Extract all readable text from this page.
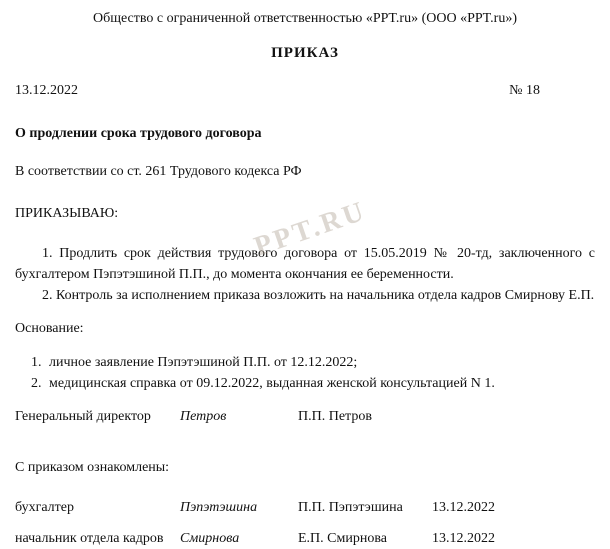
Общество с ограниченной ответственностью «PPT.ru» (ООО «PPT.ru»)
ПРИКАЗ
13.12.2022	№ 18
О продлении срока трудового договора
В соответствии со ст. 261 Трудового кодекса РФ
ПРИКАЗЫВАЮ:

1. Продлить срок действия трудового договора от 15.05.2019 № 20-тд, заключенного с бухгалтером Пэпэтэшиной П.П., до момента окончания ее беременности.

2. Контроль за исполнением приказа возложить на начальника отдела кадров Смирнову Е.П.

Основание:
1. личное заявление Пэпэтэшиной П.П. от 12.12.2022;
2. медицинская справка от 09.12.2022, выданная женской консультацией N 1.
Генеральный директор	Петров	П.П. Петров
С приказом ознакомлены:
бухгалтер	Пэпэтэшина	П.П. Пэпэтэшина	13.12.2022
начальник отдела кадров	Смирнова	Е.П. Смирнова	13.12.2022
PPT.RU
